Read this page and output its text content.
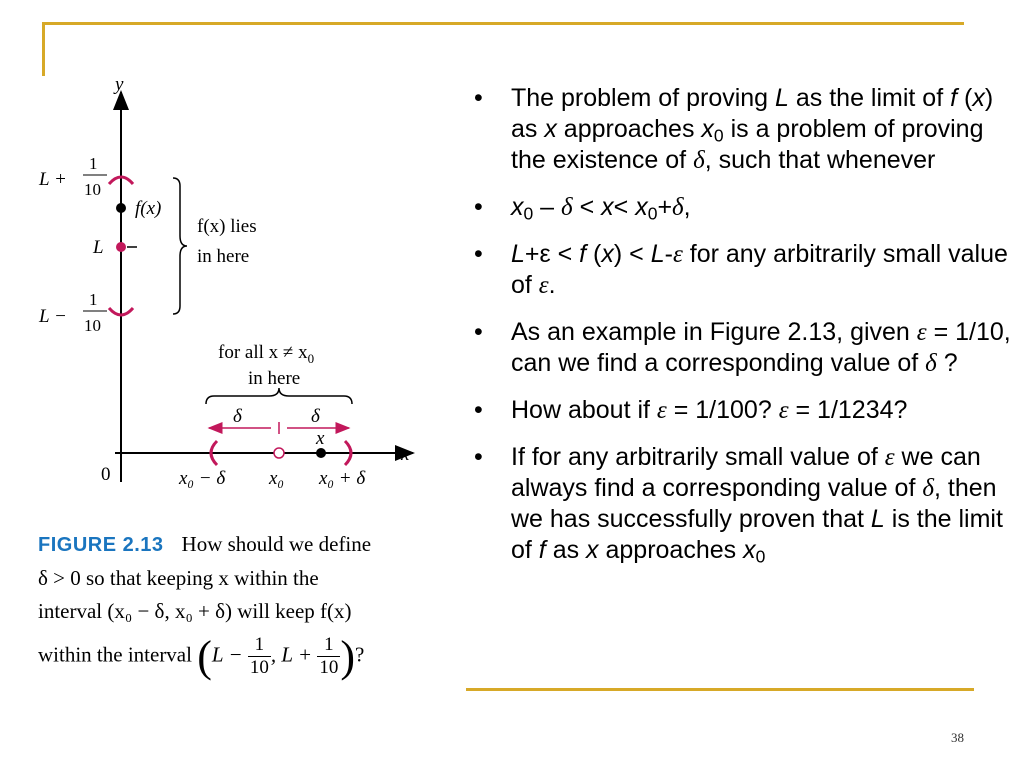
y
x
0
L +
1
10
f(x)
L
L −
1
10
f(x) lies
in here
for all $x \ne x_0$
in here
δ	δ
x
x₀ − δ x₀ x₀ + δ
FIGURE 2.13 How should we define
δ > 0 so that keeping x within the
interval (x₀ − δ, x₀ + δ) will keep f(x)
within the interval ($L - \frac{1}{10}$ , $L + \frac{1}{10}$ )?
• The problem of proving L as the limit of f (x) as x approaches $x_0$ is a problem of proving the existence of δ, such that whenever
• $x_0 - \delta < x< x_0+\delta$,
• L+ε < f (x) < L-ε for any arbitrarily small value of ε.
• As an example in Figure 2.13, given ε = 1/10, can we find a corresponding value of δ ?
• How about if ε = 1/100? ε = 1/1234?
• If for any arbitrarily small value of ε we can always find a corresponding value of δ, then we has successfully proven that L is the limit of f as x approaches $x_0$
38
